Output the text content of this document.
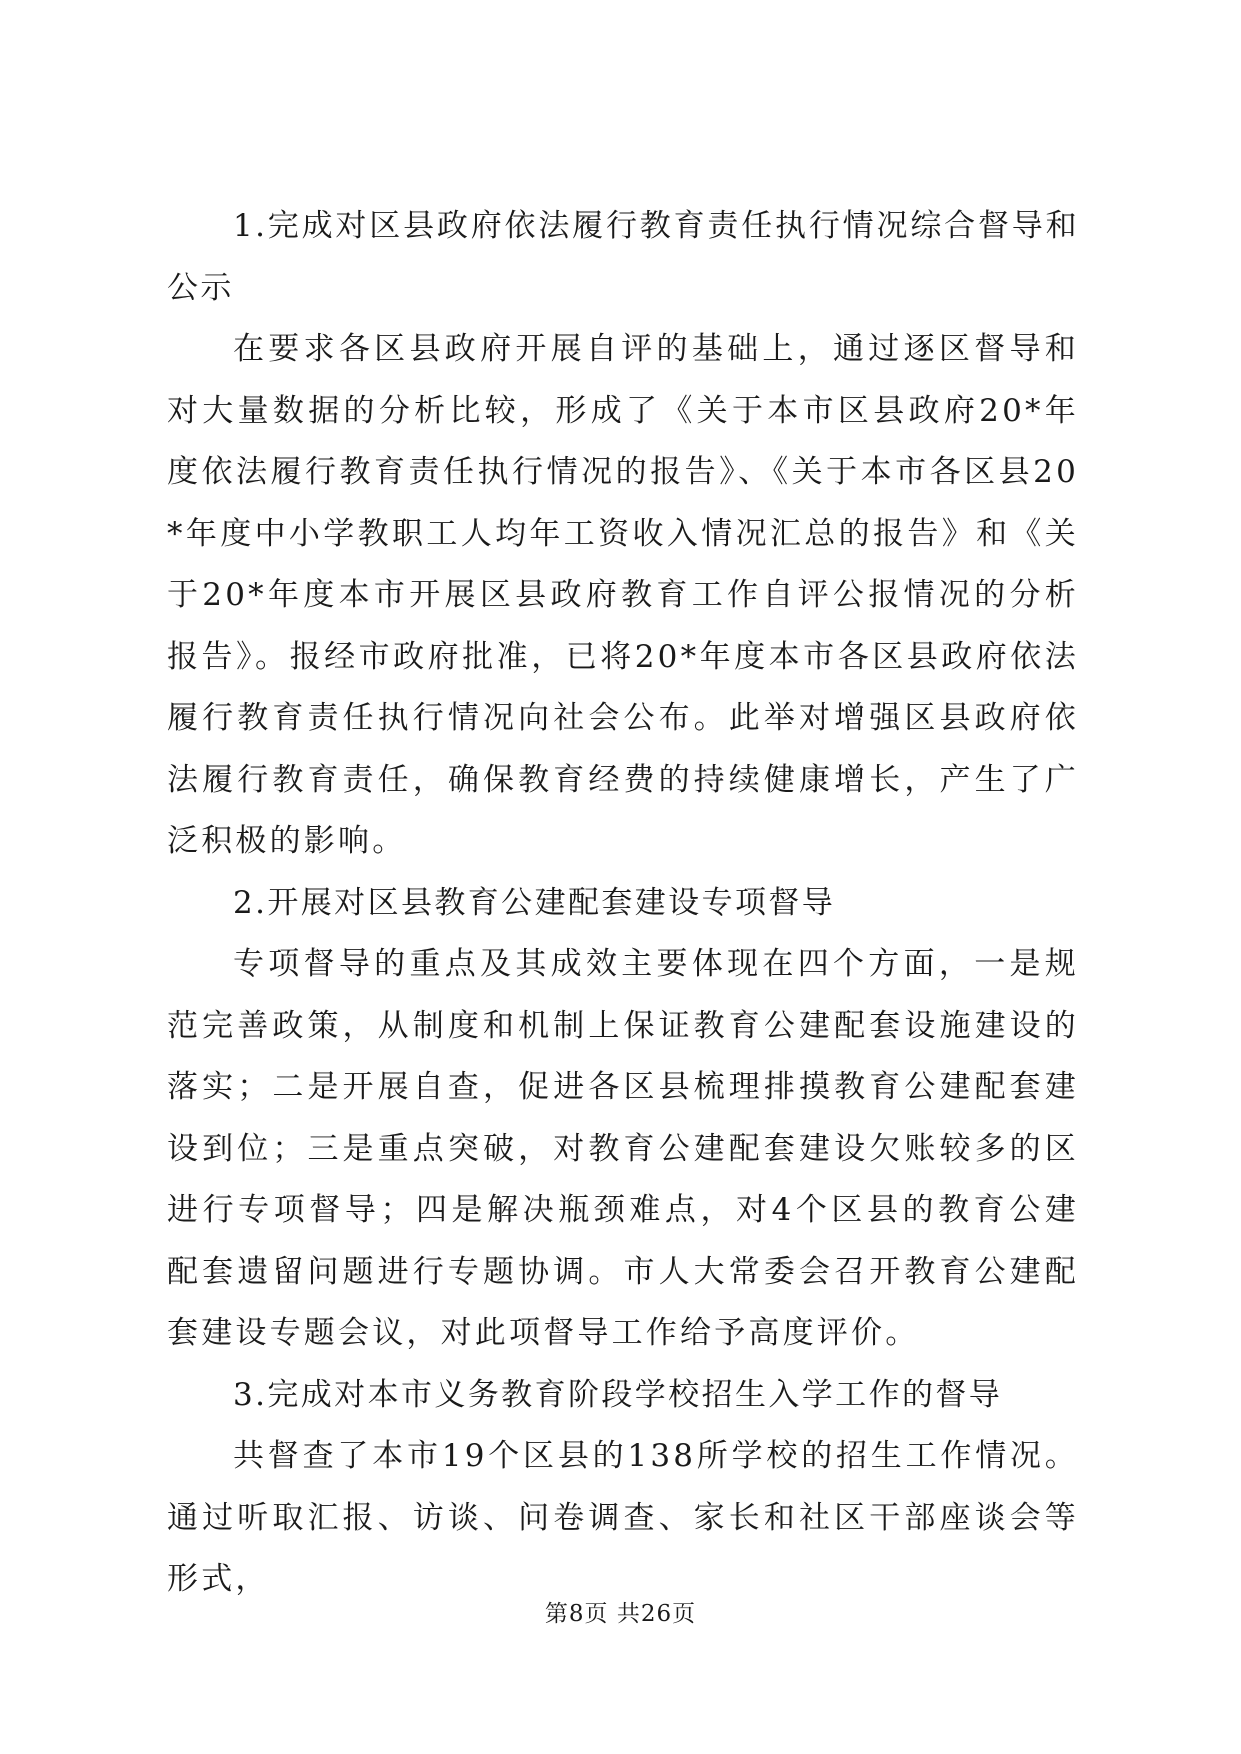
1.完成对区县政府依法履行教育责任执行情况综合督导和公示

在要求各区县政府开展自评的基础上，通过逐区督导和对大量数据的分析比较，形成了《关于本市区县政府20*年度依法履行教育责任执行情况的报告》、《关于本市各区县20*年度中小学教职工人均年工资收入情况汇总的报告》和《关于20*年度本市开展区县政府教育工作自评公报情况的分析报告》。报经市政府批准，已将20*年度本市各区县政府依法履行教育责任执行情况向社会公布。此举对增强区县政府依法履行教育责任，确保教育经费的持续健康增长，产生了广泛积极的影响。

2.开展对区县教育公建配套建设专项督导

专项督导的重点及其成效主要体现在四个方面，一是规范完善政策，从制度和机制上保证教育公建配套设施建设的落实；二是开展自查，促进各区县梳理排摸教育公建配套建设到位；三是重点突破，对教育公建配套建设欠账较多的区进行专项督导；四是解决瓶颈难点，对4个区县的教育公建配套遗留问题进行专题协调。市人大常委会召开教育公建配套建设专题会议，对此项督导工作给予高度评价。

3.完成对本市义务教育阶段学校招生入学工作的督导

共督查了本市19个区县的138所学校的招生工作情况。通过听取汇报、访谈、问卷调查、家长和社区干部座谈会等形式，

第8页 共26页
